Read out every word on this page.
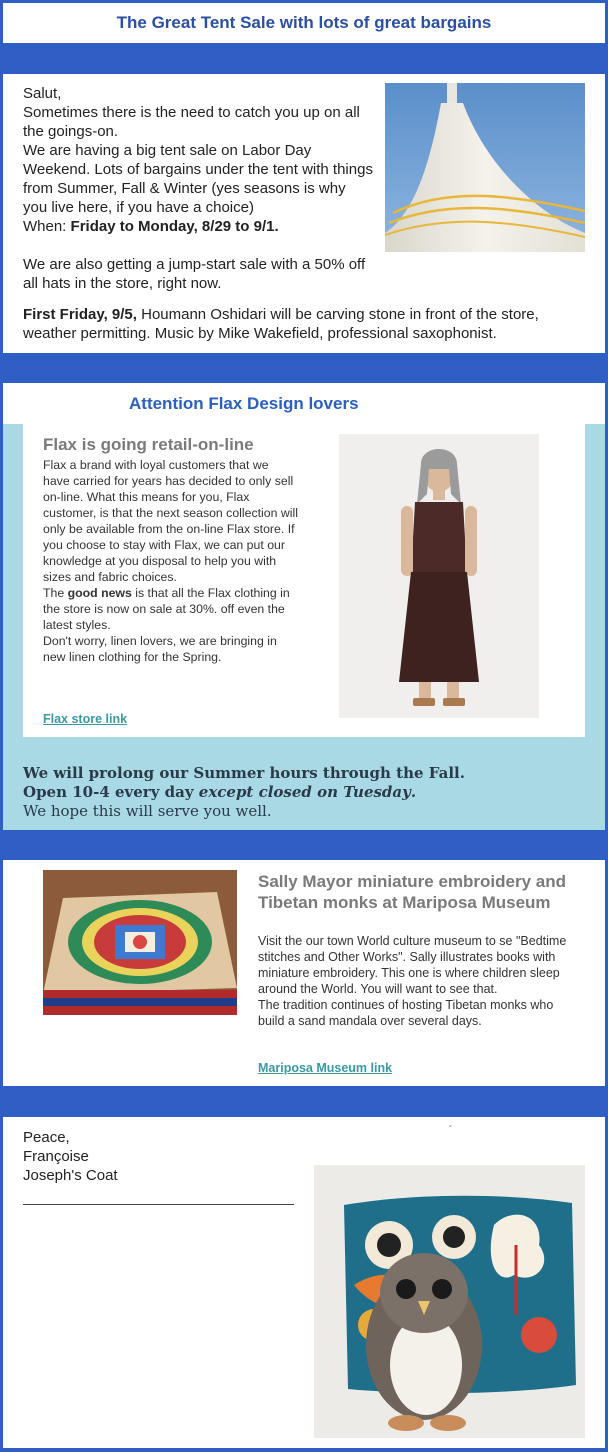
The Great Tent Sale with lots of great bargains

Salut,

Sometimes there is the need to catch you up on all the goings-on.

We are having a big tent sale on Labor Day Weekend. Lots of bargains under the tent with things from Summer, Fall & Winter (yes seasons is why you live here, if you have a choice)

When: Friday to Monday, 8/29 to 9/1.

We are also getting a jump-start sale with a 50% off all hats in the store, right now.

First Friday, 9/5, Houmann Oshidari will be carving stone in front of the store, weather permitting. Music by Mike Wakefield, professional saxophonist.
Attention Flax Design lovers
Flax is going retail-on-line

Flax a brand with loyal customers that we have carried for years has decided to only sell on-line. What this means for you, Flax customer, is that the next season collection will only be available from the on-line Flax store. If you choose to stay with Flax, we can put our knowledge at you disposal to help you with sizes and fabric choices.

The good news is that all the Flax clothing in the store is now on sale at 30%. off even the latest styles.

Don't worry, linen lovers, we are bringing in new linen clothing for the Spring.

Flax store link

We will prolong our Summer hours through the Fall.

Open 10-4 every day except closed on Tuesday.

We hope this will serve you well.

Sally Mayor miniature embroidery and Tibetan monks at Mariposa Museum

Visit the our town World culture museum to se "Bedtime stitches and Other Works". Sally illustrates books with miniature embroidery. This one is where children sleep around the World. You will want to see that.

The tradition continues of hosting Tibetan monks who build a sand mandala over several days.

Mariposa Museum link

Peace,

Françoise

Joseph's Coat

´
